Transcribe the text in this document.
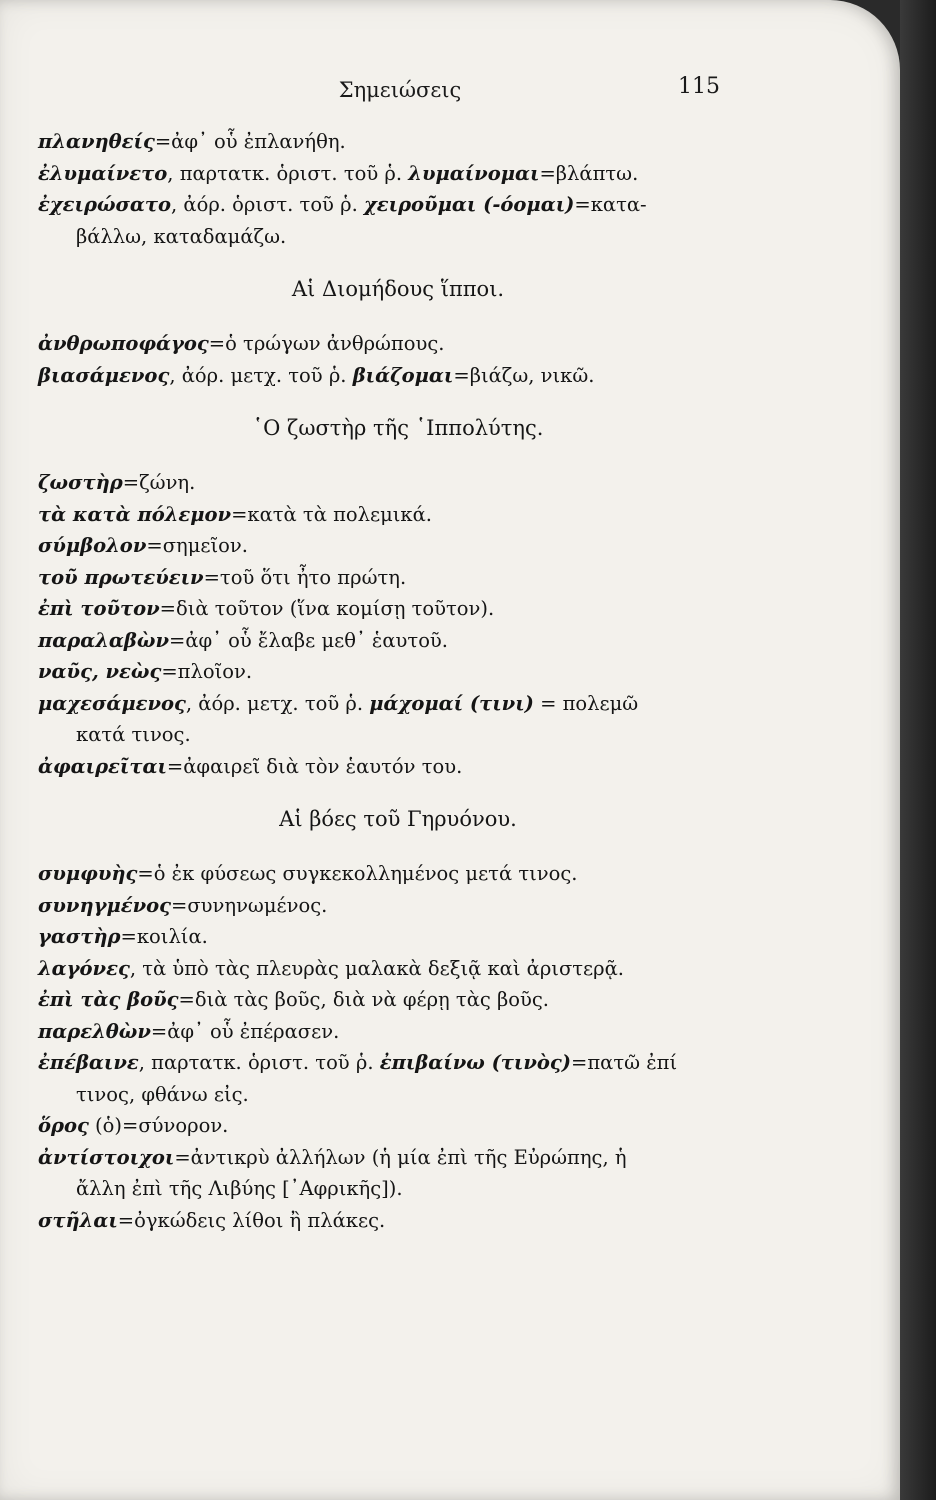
Σημειώσεις	115
πλανηθείς=ἀφ᾽ οὗ ἐπλανήθη.
ἐλυμαίνετο, παρτατκ. ὁριστ. τοῦ ῥ. λυμαίνομαι=βλάπτω.
ἐχειρώσατο, ἀόρ. ὁριστ. τοῦ ῥ. χειροῦμαι (-όομαι)=κατα-
βάλλω, καταδαμάζω.
Αἱ Διομήδους ἵπποι.
ἀνθρωποφάγος=ὁ τρώγων ἀνθρώπους.
βιασάμενος, ἀόρ. μετχ. τοῦ ῥ. βιάζομαι=βιάζω, νικῶ.
῾Ο ζωστὴρ τῆς ῾Ιππολύτης.
ζωστὴρ=ζώνη.
τὰ κατὰ πόλεμον=κατὰ τὰ πολεμικά.
σύμβολον=σημεῖον.
τοῦ πρωτεύειν=τοῦ ὅτι ἦτο πρώτη.
ἐπὶ τοῦτον=διὰ τοῦτον (ἵνα κομίσῃ τοῦτον).
παραλαβὼν=ἀφ᾽ οὗ ἔλαβε μεθ᾽ ἑαυτοῦ.
ναῦς, νεὼς=πλοῖον.
μαχεσάμενος, ἀόρ. μετχ. τοῦ ῥ. μάχομαί (τινι) = πολεμῶ
κατά τινος.
ἀφαιρεῖται=ἀφαιρεῖ διὰ τὸν ἑαυτόν του.
Αἱ βόες τοῦ Γηρυόνου.
συμφυὴς=ὁ ἐκ φύσεως συγκεκολλημένος μετά τινος.
συνηγμένος=συνηνωμένος.
γαστὴρ=κοιλία.
λαγόνες, τὰ ὑπὸ τὰς πλευρὰς μαλακὰ δεξιᾷ καὶ ἀριστερᾷ.
ἐπὶ τὰς βοῦς=διὰ τὰς βοῦς, διὰ νὰ φέρῃ τὰς βοῦς.
παρελθὼν=ἀφ᾽ οὗ ἐπέρασεν.
ἐπέβαινε, παρτατκ. ὁριστ. τοῦ ῥ. ἐπιβαίνω (τινὸς)=πατῶ ἐπί
τινος, φθάνω εἰς.
ὅρος (ὁ)=σύνορον.
ἀντίστοιχοι=ἀντικρὺ ἀλλήλων (ἡ μία ἐπὶ τῆς Εὐρώπης, ἡ
ἄλλη ἐπὶ τῆς Λιβύης [᾿Αφρικῆς]).
στῆλαι=ὀγκώδεις λίθοι ἢ πλάκες.
